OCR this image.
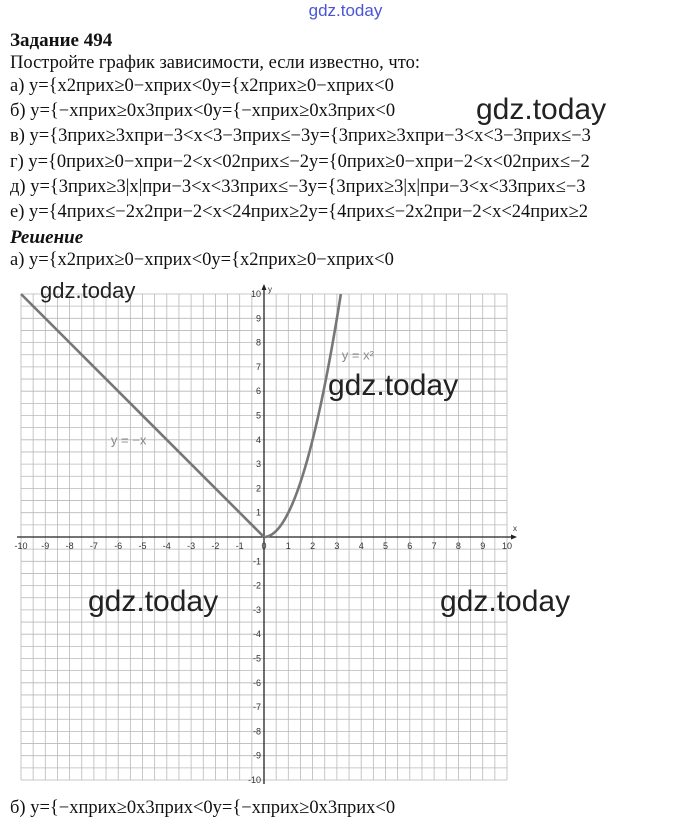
gdz.today
Задание 494
Постройте график зависимости, если известно, что:
а) y={x2прих≥0−xприx<0y={x2прих≥0−xприx<0
б) y={−xприx≥0x3приx<0y={−xприx≥0x3приx<0
в) y={3приx≥3xпри−3<x<3−3приx≤−3y={3приx≥3xпри−3<x<3−3приx≤−3
г) y={0приx≥0−xпри−2<x<02приx≤−2y={0приx≥0−xпри−2<x<02приx≤−2
д) y={3приx≥3|x|при−3<x<33приx≤−3y={3приx≥3|x|при−3<x<33приx≤−3
е) y={4приx≤−2x2при−2<x<24приx≥2y={4приx≤−2x2при−2<x<24приx≥2
Решение
а) y={x2прих≥0−xприx<0y={x2прих≥0−xприx<0
x
y
-10 -9 -8 -7 -6 -5 -4 -3 -2 -1 0 1 2 3 4 5 6 7 8 9 10
-10
-9
-8
-7
-6
-5
-4
-3
-2
-1
1
2
3
4
5
6
7
8
9
10
y = −x
y = x²
gdz.today
gdz.today
gdz.today
gdz.today	gdz.today
б) y={−xприx≥0x3приx<0y={−xприx≥0x3приx<0
